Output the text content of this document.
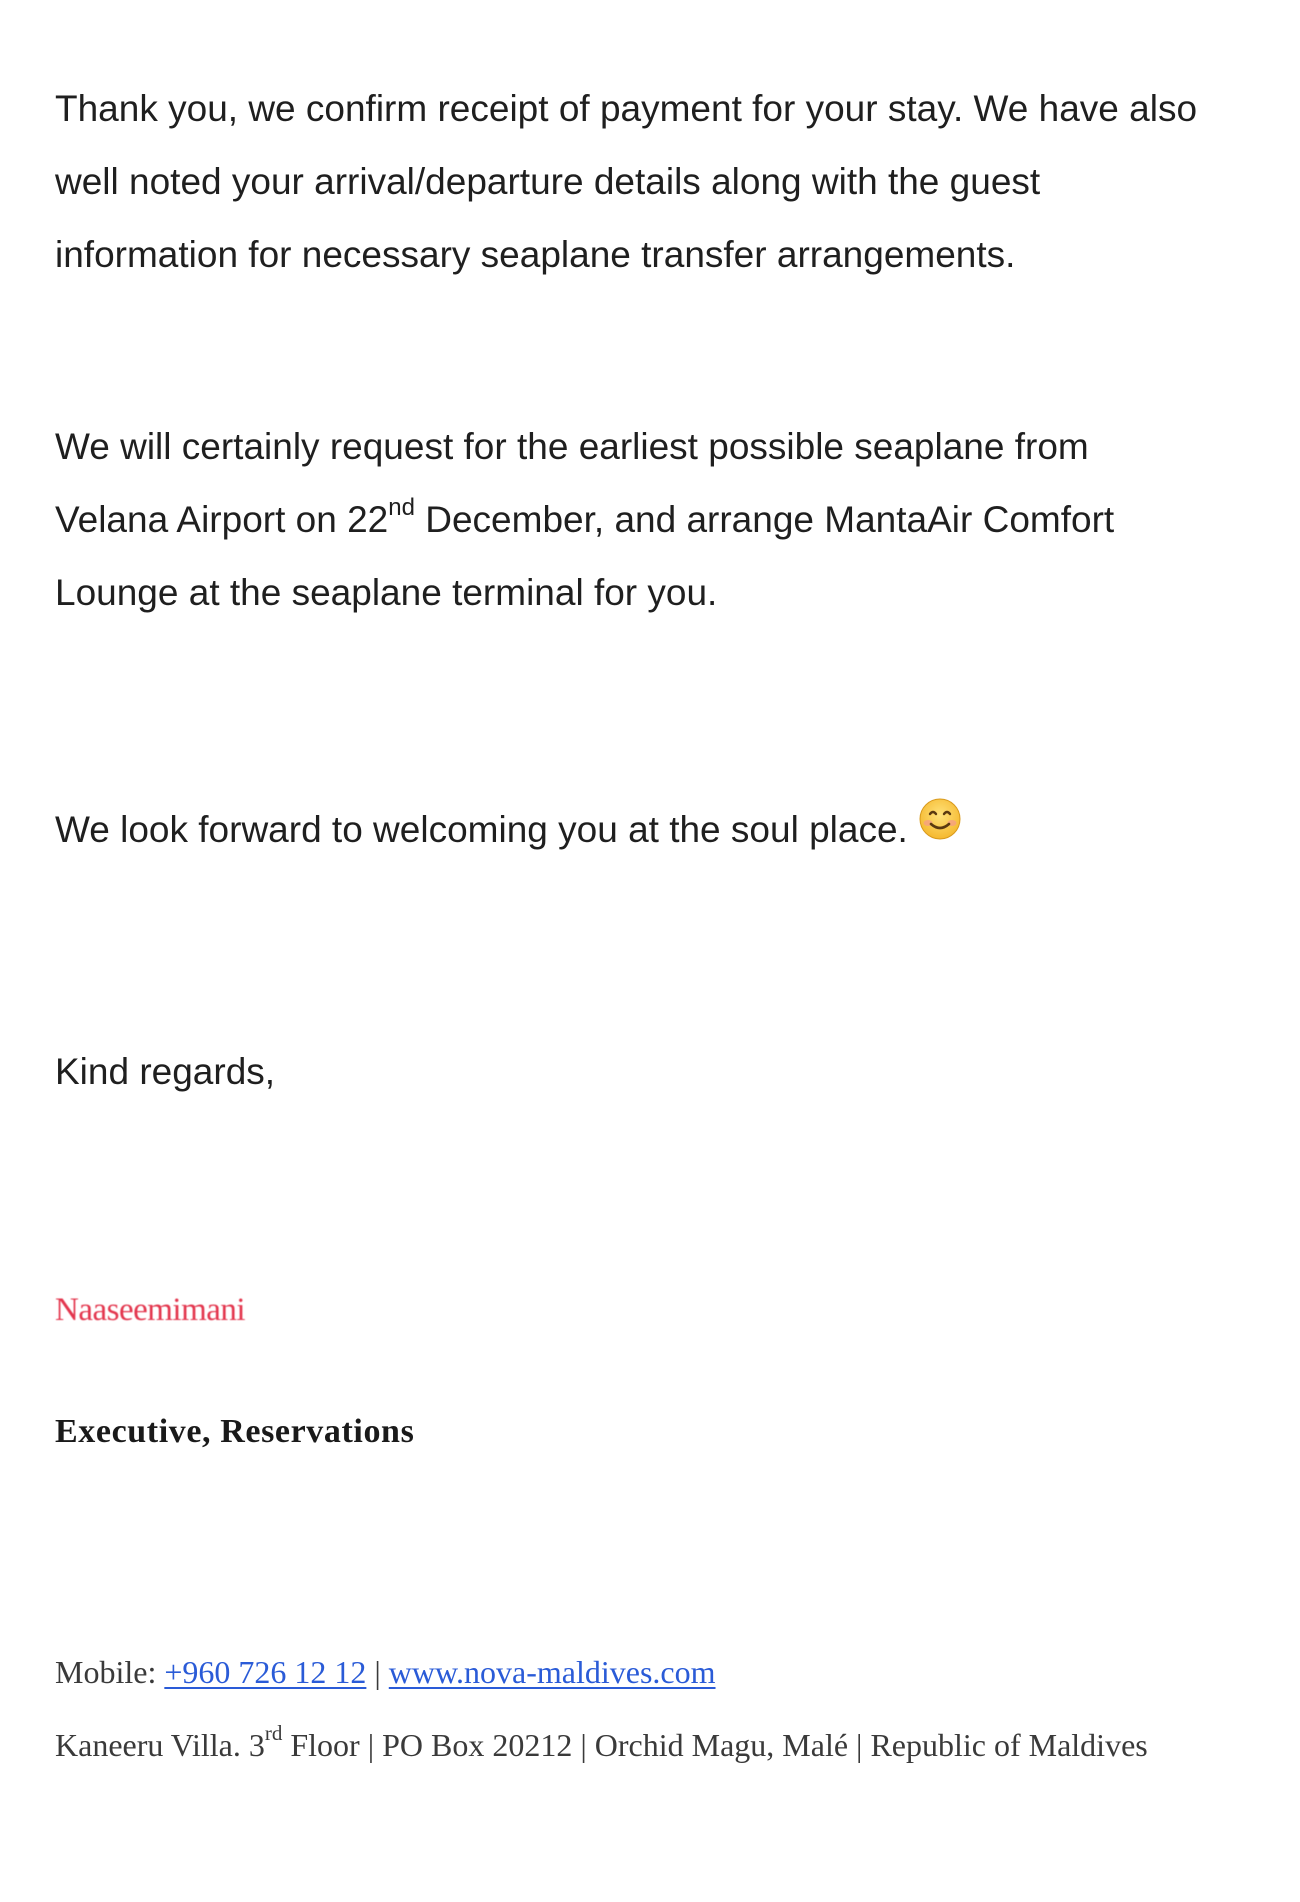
Thank you, we confirm receipt of payment for your stay. We have also well noted your arrival/departure details along with the guest information for necessary seaplane transfer arrangements.

We will certainly request for the earliest possible seaplane from Velana Airport on 22nd December, and arrange MantaAir Comfort Lounge at the seaplane terminal for you.

We look forward to welcoming you at the soul place.

Kind regards,

Naaseemimani

Executive, Reservations

Mobile: +960 726 12 12 | www.nova-maldives.com
Kaneeru Villa. 3rd Floor | PO Box 20212 | Orchid Magu, Malé | Republic of Maldives
